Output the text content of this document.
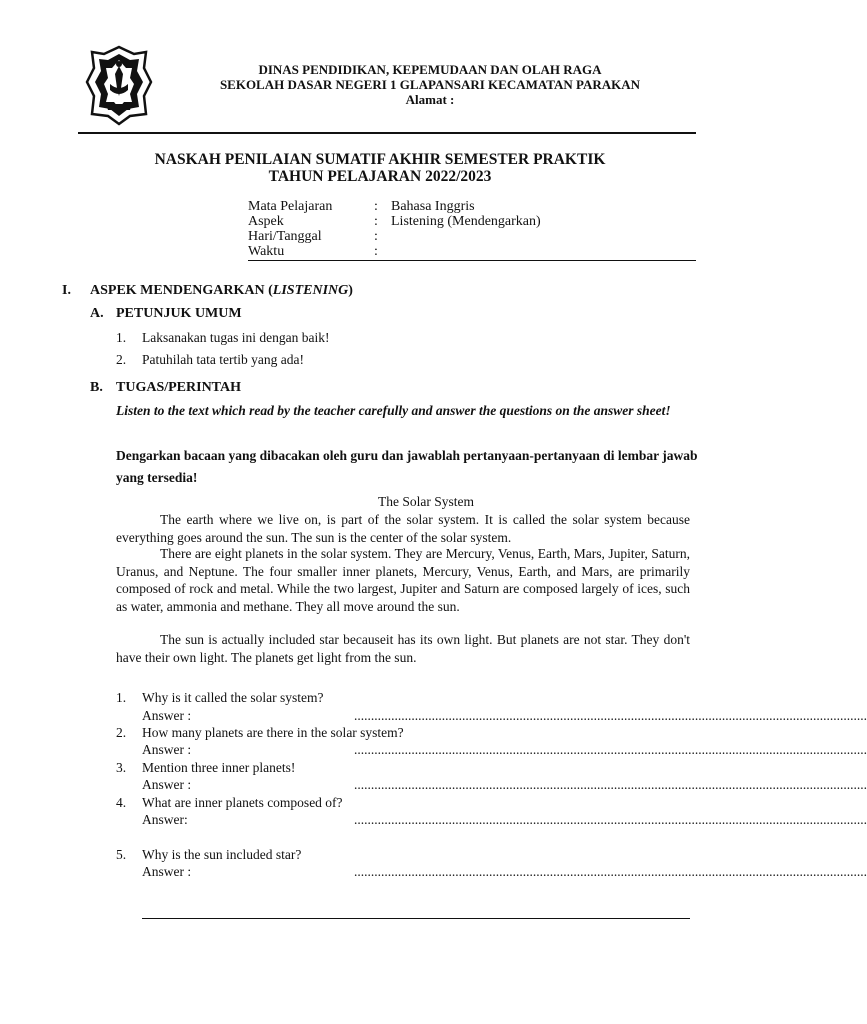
DINAS PENDIDIKAN, KEPEMUDAAN DAN OLAH RAGA
SEKOLAH DASAR NEGERI 1 GLAPANSARI KECAMATAN PARAKAN
Alamat :
NASKAH PENILAIAN SUMATIF AKHIR SEMESTER PRAKTIK
TAHUN PELAJARAN 2022/2023
Mata Pelajaran	: Bahasa Inggris
Aspek	: Listening (Mendengarkan)
Hari/Tanggal	:
Waktu	:
I. ASPEK MENDENGARKAN (LISTENING)
A. PETUNJUK UMUM
1. Laksanakan tugas ini dengan baik!
2. Patuhilah tata tertib yang ada!
B. TUGAS/PERINTAH
Listen to the text which read by the teacher carefully and answer the questions on the answer sheet!
Dengarkan bacaan yang dibacakan oleh guru dan jawablah pertanyaan-pertanyaan di lembar jawab yang tersedia!
The Solar System
The earth where we live on, is part of the solar system. It is called the solar system because everything goes around the sun. The sun is the center of the solar system.
There are eight planets in the solar system. They are Mercury, Venus, Earth, Mars, Jupiter, Saturn, Uranus, and Neptune. The four smaller inner planets, Mercury, Venus, Earth, and Mars, are primarily composed of rock and metal. While the two largest, Jupiter and Saturn are composed largely of ices, such as water, ammonia and methane. They all move around the sun.
The sun is actually included star becauseit has its own light. But planets are not star. They don't have their own light. The planets get light from the sun.
1.	Why is it called the solar system?
Answer :	........................................................................................................................................................
2.	How many planets are there in the solar system?
Answer :	........................................................................................................................................................
3.	Mention three inner planets!
Answer :	........................................................................................................................................................
4.	What are inner planets composed of?
Answer:	........................................................................................................................................................
5.	Why is the sun included star?
Answer :	........................................................................................................................................................
